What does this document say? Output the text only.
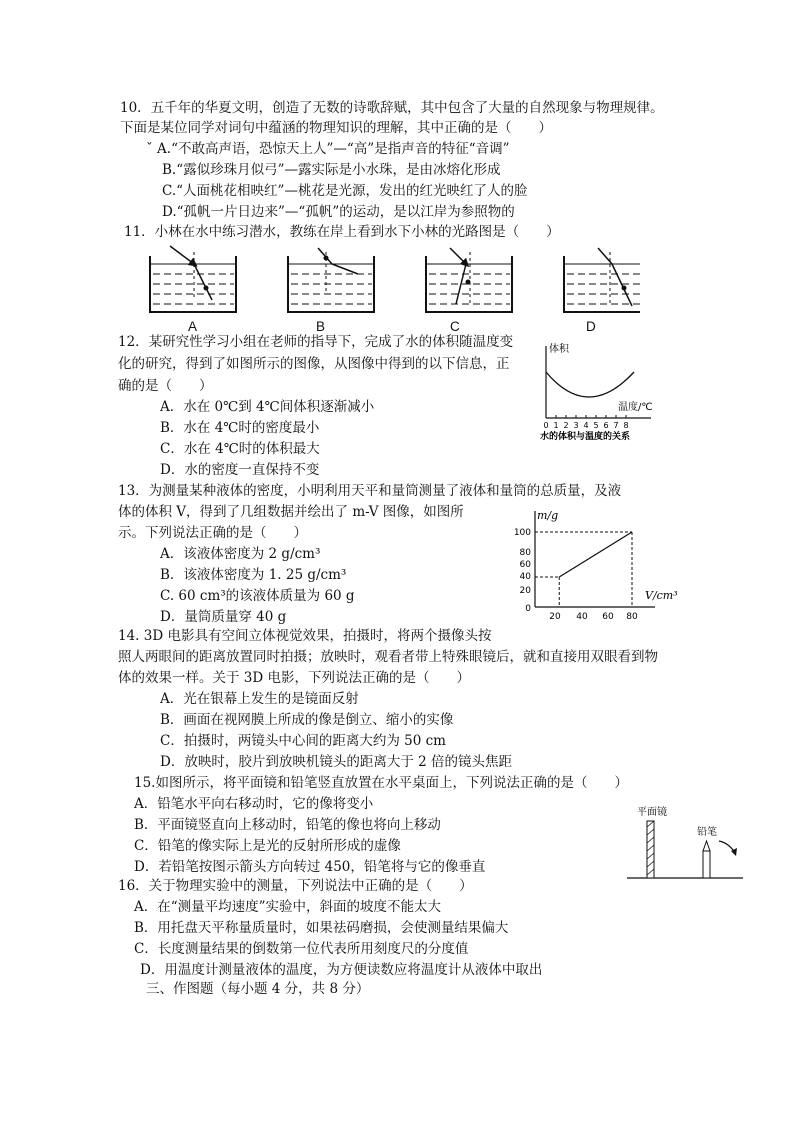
10．五千年的华夏文明，创造了无数的诗歌辞赋，其中包含了大量的自然现象与物理规律。
下面是某位同学对词句中蕴涵的物理知识的理解，其中正确的是（　　）
ˇ A.“不敢高声语，恐惊天上人”—“高”是指声音的特征“音调”
B.“露似珍珠月似弓”—露实际是小水珠，是由冰熔化形成
C.“人面桃花相映红”—桃花是光源，发出的红光映红了人的脸
D.“孤帆一片日边来”—“孤帆”的运动，是以江岸为参照物的
11．小林在水中练习潜水，教练在岸上看到水下小林的光路图是（　　）
A	B	C	D
12．某研究性学习小组在老师的指导下，完成了水的体积随温度变
化的研究，得到了如图所示的图像，从图像中得到的以下信息，正
确的是（　　）
A．水在 0℃到 4℃间体积逐渐减小
B．水在 4℃时的密度最小
C．水在 4℃时的体积最大
D．水的密度一直保持不变
体积
温度/℃
0 1 2 3 4 5 6 7 8
水的体积与温度的关系
13．为测量某种液体的密度，小明利用天平和量筒测量了液体和量筒的总质量，及液
体的体积 V，得到了几组数据并绘出了 m-V 图像，如图所
示。下列说法正确的是（　　）
A．该液体密度为 2 g/cm³
B．该液体密度为 1. 25 g/cm³
C. 60 cm³的该液体质量为 60 g
D．量筒质量穿 40 g
m/g
V/cm³
100
80
60
40
20
0
20 40 60 80
14. 3D 电影具有空间立体视觉效果，拍摄时，将两个摄像头按
照人两眼间的距离放置同时拍摄；放映时，观看者带上特殊眼镜后，就和直接用双眼看到物
体的效果一样。关于 3D 电影，下列说法正确的是（　　）
A．光在银幕上发生的是镜面反射
B．画面在视网膜上所成的像是倒立、缩小的实像
C．拍摄时，两镜头中心间的距离大约为 50 cm
D．放映时，胶片到放映机镜头的距离大于 2 倍的镜头焦距
15.如图所示，将平面镜和铅笔竖直放置在水平桌面上，下列说法正确的是（　　）
A．铅笔水平向右移动时，它的像将变小
B．平面镜竖直向上移动时，铅笔的像也将向上移动
C．铅笔的像实际上是光的反射所形成的虚像
D．若铅笔按图示箭头方向转过 450，铅笔将与它的像垂直
平面镜
铅笔
16．关于物理实验中的测量，下列说法中正确的是（　　）
A．在“测量平均速度”实验中，斜面的坡度不能太大
B．用托盘天平称量质量时，如果祛码磨损，会使测量结果偏大
C．长度测量结果的倒数第一位代表所用刻度尺的分度值
D．用温度计测量液体的温度，为方便读数应将温度计从液体中取出
三、作图题（每小题 4 分，共 8 分）
